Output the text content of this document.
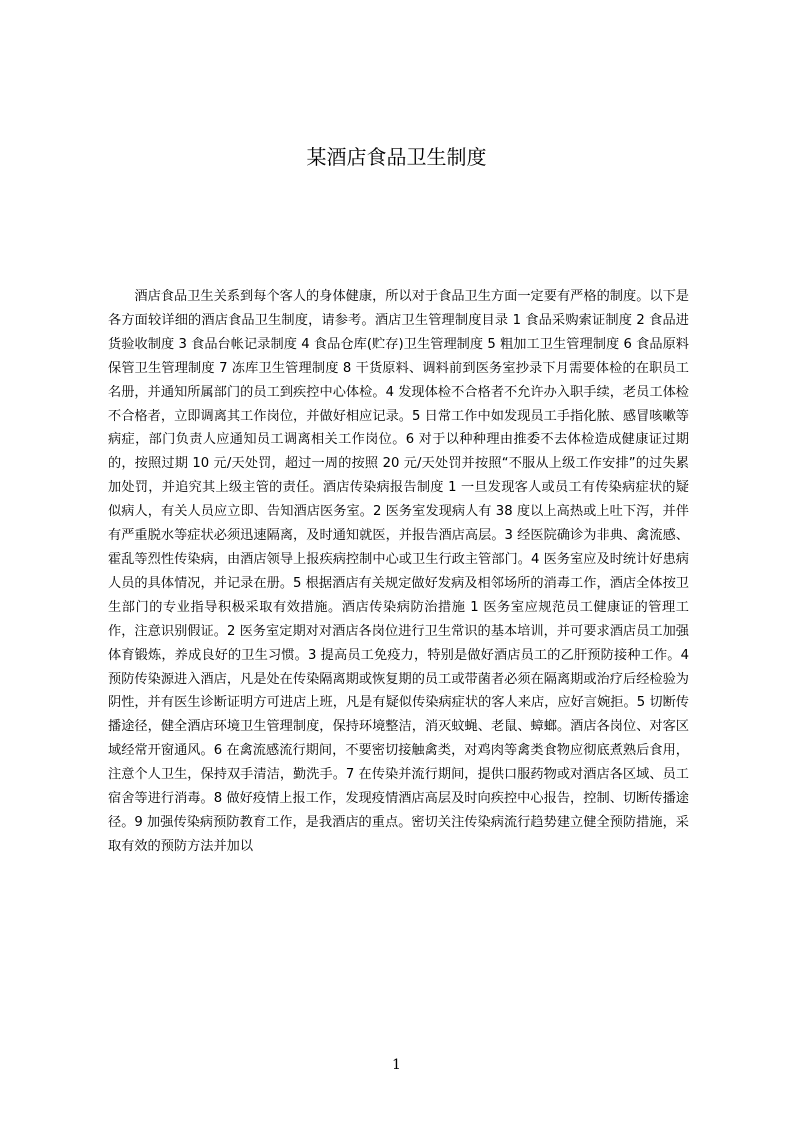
某酒店食品卫生制度

酒店食品卫生关系到每个客人的身体健康，所以对于食品卫生方面一定要有严格的制度。以下是各方面较详细的酒店食品卫生制度，请参考。酒店卫生管理制度目录 1 食品采购索证制度 2 食品进货验收制度 3 食品台帐记录制度 4 食品仓库(贮存)卫生管理制度 5 粗加工卫生管理制度 6 食品原料保管卫生管理制度 7 冻库卫生管理制度 8 干货原料、调料前到医务室抄录下月需要体检的在职员工名册，并通知所属部门的员工到疾控中心体检。4 发现体检不合格者不允许办入职手续，老员工体检不合格者，立即调离其工作岗位，并做好相应记录。5 日常工作中如发现员工手指化脓、感冒咳嗽等病症，部门负责人应通知员工调离相关工作岗位。6 对于以种种理由推委不去体检造成健康证过期的，按照过期 10 元/天处罚，超过一周的按照 20 元/天处罚并按照“不服从上级工作安排”的过失累加处罚，并追究其上级主管的责任。酒店传染病报告制度 1 一旦发现客人或员工有传染病症状的疑似病人，有关人员应立即、告知酒店医务室。2 医务室发现病人有 38 度以上高热或上吐下泻，并伴有严重脱水等症状必须迅速隔离，及时通知就医，并报告酒店高层。3 经医院确诊为非典、禽流感、霍乱等烈性传染病，由酒店领导上报疾病控制中心或卫生行政主管部门。4 医务室应及时统计好患病人员的具体情况，并记录在册。5 根据酒店有关规定做好发病及相邻场所的消毒工作，酒店全体按卫生部门的专业指导积极采取有效措施。酒店传染病防治措施 1 医务室应规范员工健康证的管理工作，注意识别假证。2 医务室定期对对酒店各岗位进行卫生常识的基本培训，并可要求酒店员工加强体育锻炼，养成良好的卫生习惯。3 提高员工免疫力，特别是做好酒店员工的乙肝预防接种工作。4 预防传染源进入酒店，凡是处在传染隔离期或恢复期的员工或带菌者必须在隔离期或治疗后经检验为阴性，并有医生诊断证明方可进店上班，凡是有疑似传染病症状的客人来店，应好言婉拒。5 切断传播途径，健全酒店环境卫生管理制度，保持环境整洁，消灭蚊蝇、老鼠、蟑螂。酒店各岗位、对客区域经常开窗通风。6 在禽流感流行期间，不要密切接触禽类，对鸡肉等禽类食物应彻底煮熟后食用，注意个人卫生，保持双手清洁，勤洗手。7 在传染并流行期间，提供口服药物或对酒店各区域、员工宿舍等进行消毒。8 做好疫情上报工作，发现疫情酒店高层及时向疾控中心报告，控制、切断传播途径。9 加强传染病预防教育工作，是我酒店的重点。密切关注传染病流行趋势建立健全预防措施，采取有效的预防方法并加以

1
